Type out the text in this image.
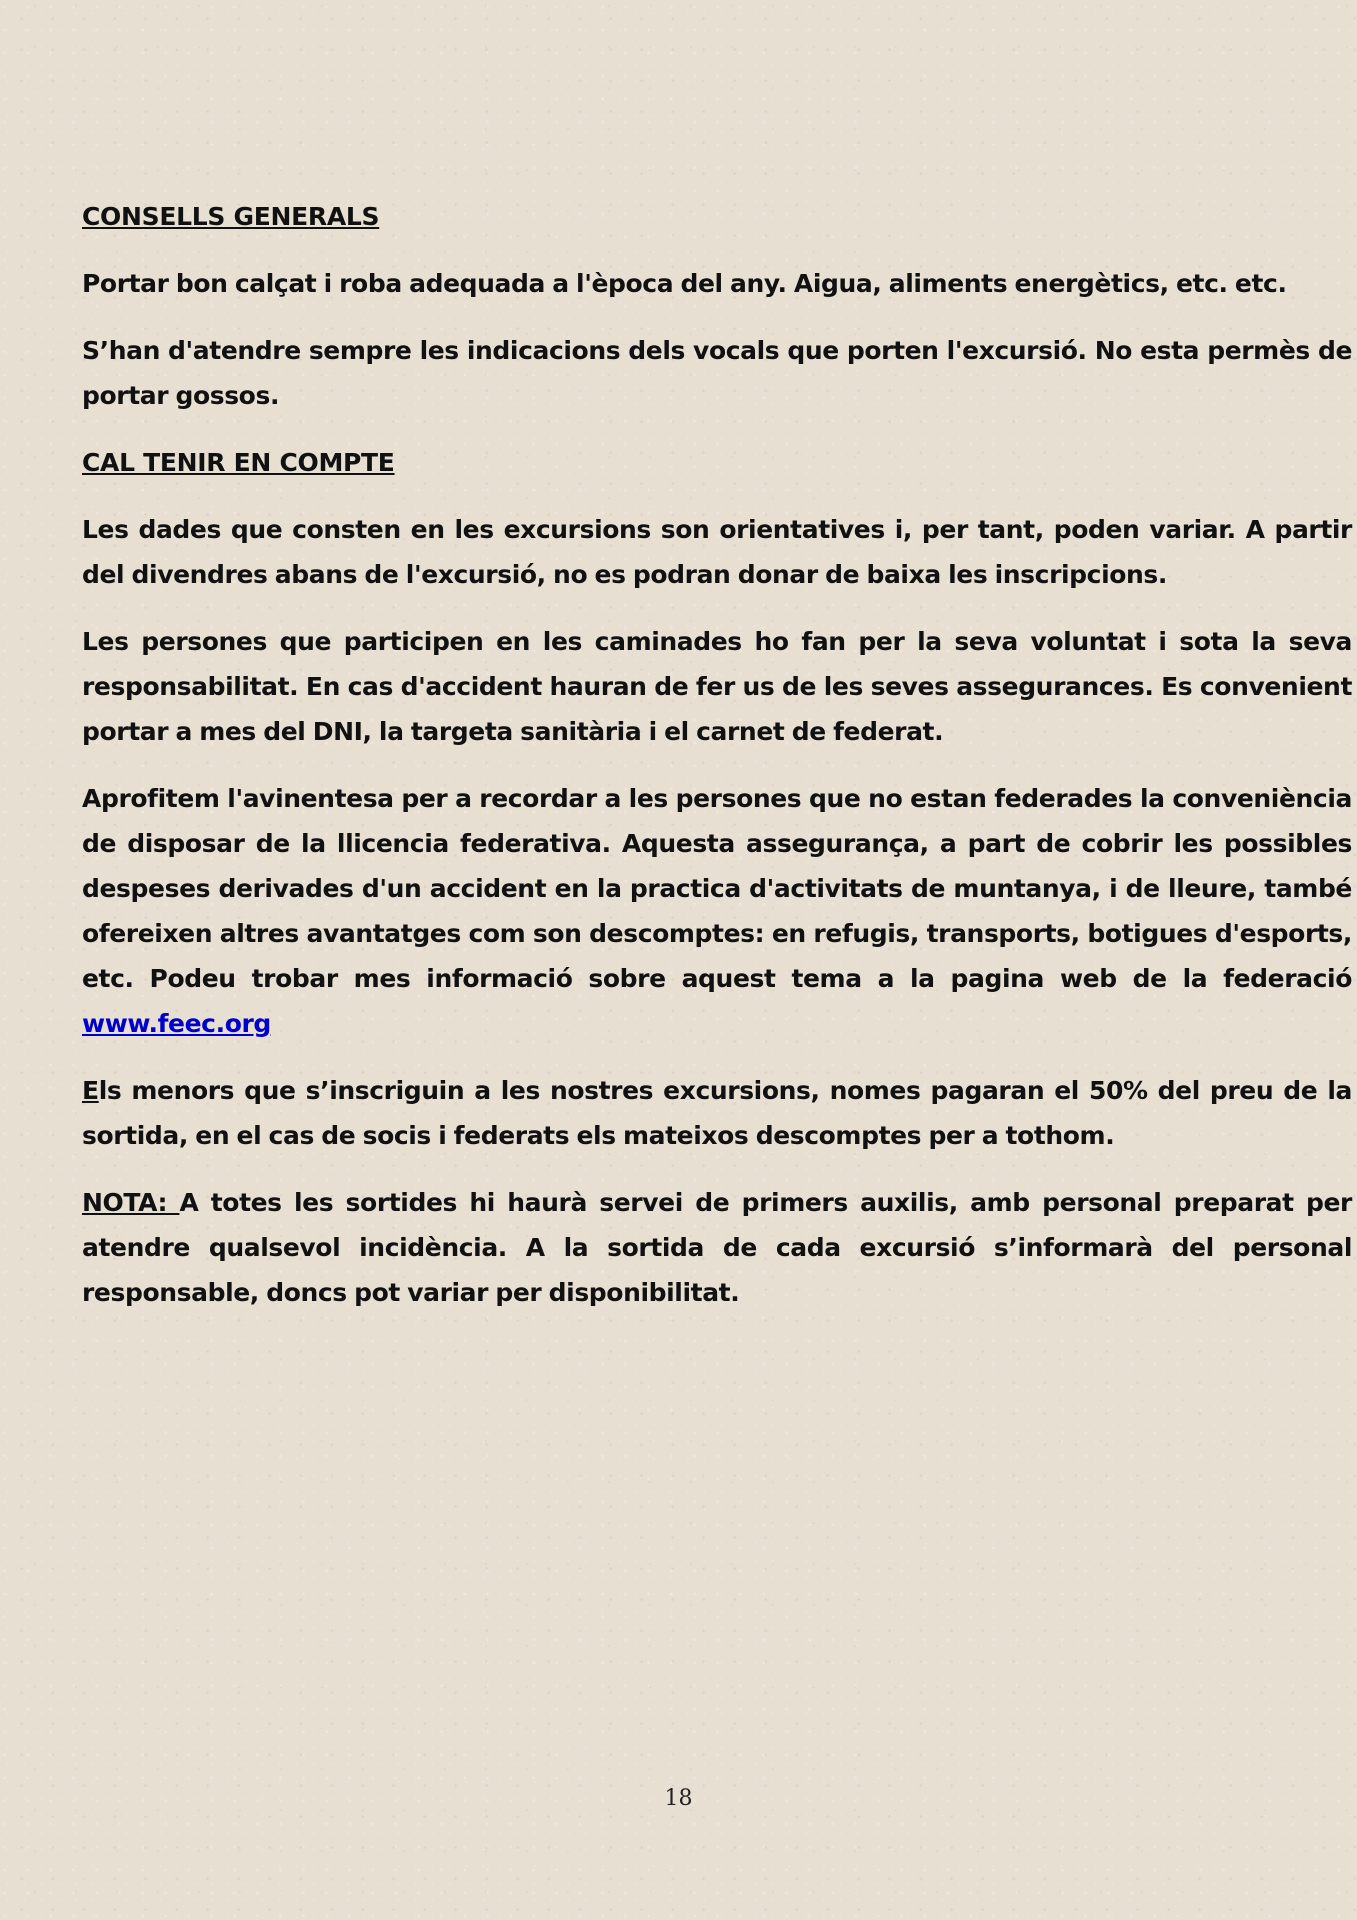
CONSELLS GENERALS

Portar bon calçat i roba adequada a l'època del any. Aigua, aliments energètics, etc. etc.

S’han d'atendre sempre les indicacions dels vocals que porten l'excursió. No esta permès de portar gossos.

CAL TENIR EN COMPTE

Les dades que consten en les excursions son orientatives i, per tant, poden variar. A partir del divendres abans de l'excursió, no es podran donar de baixa les inscripcions.

Les persones que participen en les caminades ho fan per la seva voluntat i sota la seva responsabilitat. En cas d'accident hauran de fer us de les seves assegurances. Es convenient portar a mes del DNI, la targeta sanitària i el carnet de federat.

Aprofitem l'avinentesa per a recordar a les persones que no estan federades la conveniència de disposar de la llicencia federativa. Aquesta assegurança, a part de cobrir les possibles despeses derivades d'un accident en la practica d'activitats de muntanya, i de lleure, també ofereixen altres avantatges com son descomptes: en refugis, transports, botigues d'esports, etc. Podeu trobar mes informació sobre aquest tema a la pagina web de la federació www.feec.org

Els menors que s’inscriguin a les nostres excursions, nomes pagaran el 50% del preu de la sortida, en el cas de socis i federats els mateixos descomptes per a tothom.

NOTA: A totes les sortides hi haurà servei de primers auxilis, amb personal preparat per atendre qualsevol incidència. A la sortida de cada excursió s’informarà del personal responsable, doncs pot variar per disponibilitat.

18
